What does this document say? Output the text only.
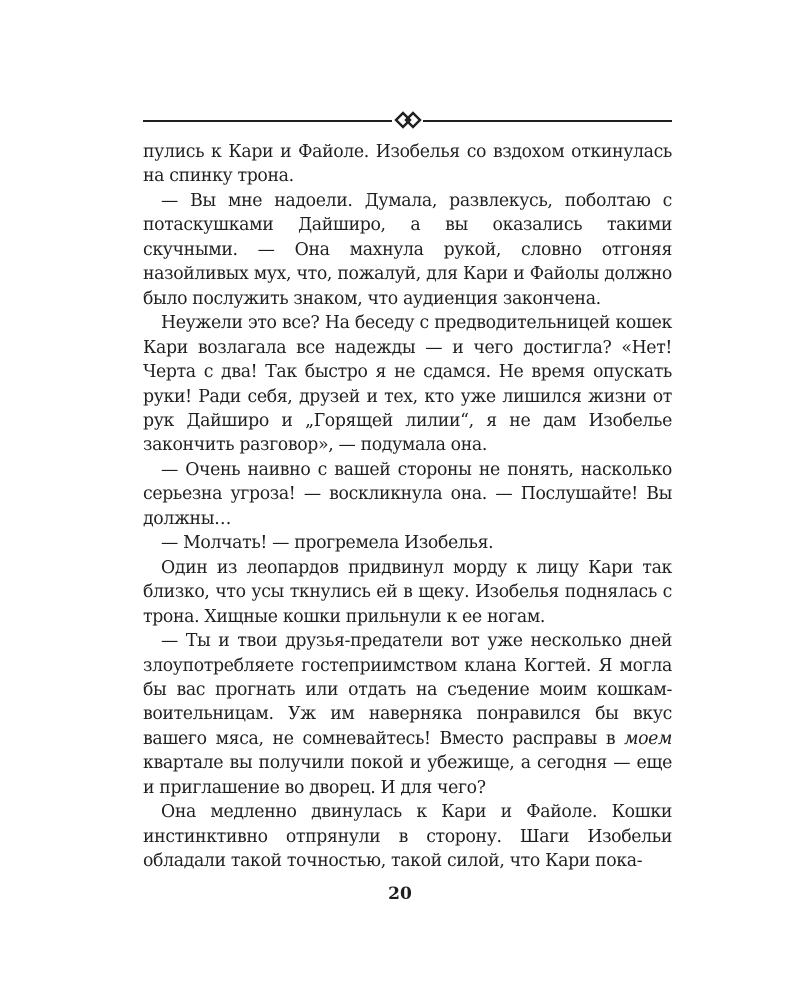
пулись к Кари и Файоле. Изобелья со вздохом откинулась на спинку трона.

— Вы мне надоели. Думала, развлекусь, поболтаю с потаскушками Дайширо, а вы оказались такими скучными. — Она махнула рукой, словно отгоняя назойливых мух, что, пожалуй, для Кари и Файолы должно было послужить знаком, что аудиенция закончена.

Неужели это все? На беседу с предводительницей кошек Кари возлагала все надежды — и чего достигла? «Нет! Черта с два! Так быстро я не сдамся. Не время опускать руки! Ради себя, друзей и тех, кто уже лишился жизни от рук Дайширо и „Горящей лилии“, я не дам Изобелье закончить разговор», — подумала она.

— Очень наивно с вашей стороны не понять, насколько серьезна угроза! — воскликнула она. — Послушайте! Вы должны…

— Молчать! — прогремела Изобелья.

Один из леопардов придвинул морду к лицу Кари так близко, что усы ткнулись ей в щеку. Изобелья поднялась с трона. Хищные кошки прильнули к ее ногам.

— Ты и твои друзья-предатели вот уже несколько дней злоупотребляете гостеприимством клана Когтей. Я могла бы вас прогнать или отдать на съедение моим кошкам-воительницам. Уж им наверняка понравился бы вкус вашего мяса, не сомневайтесь! Вместо расправы в моем квартале вы получили покой и убежище, а сегодня — еще и приглашение во дворец. И для чего?

Она медленно двинулась к Кари и Файоле. Кошки инстинктивно отпрянули в сторону. Шаги Изобельи обладали такой точностью, такой силой, что Кари пока-

20
